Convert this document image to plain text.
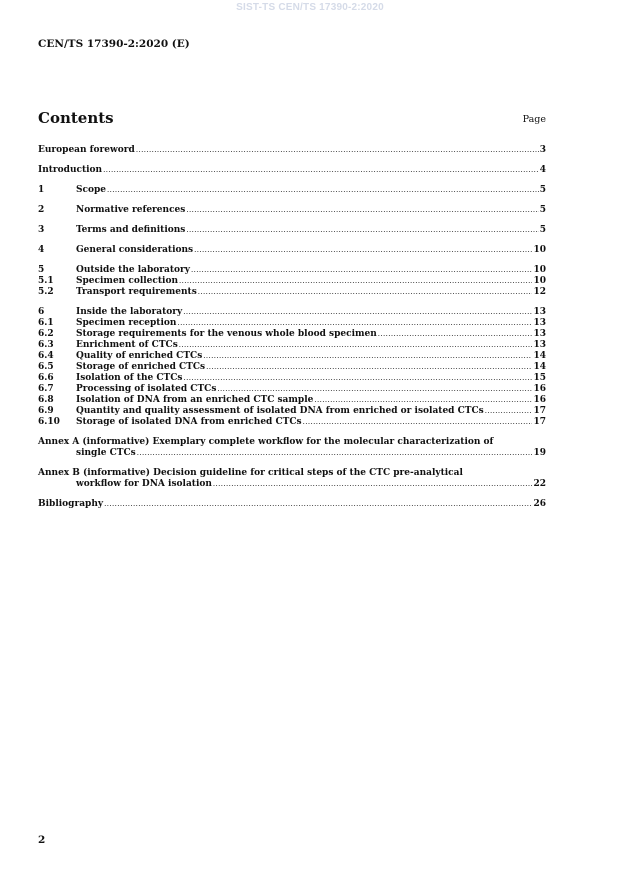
SIST-TS CEN/TS 17390-2:2020
CEN/TS 17390-2:2020 (E)
Contents	Page
European foreword .....	3
Introduction .....	4
1	Scope .....	5
2	Normative references .....	5
3	Terms and definitions .....	5
4	General considerations .....	10
5	Outside the laboratory .....	10
5.1	Specimen collection .....	10
5.2	Transport requirements .....	12
6	Inside the laboratory .....	13
6.1	Specimen reception .....	13
6.2	Storage requirements for the venous whole blood specimen .....	13
6.3	Enrichment of CTCs .....	13
6.4	Quality of enriched CTCs .....	14
6.5	Storage of enriched CTCs .....	14
6.6	Isolation of the CTCs .....	15
6.7	Processing of isolated CTCs .....	16
6.8	Isolation of DNA from an enriched CTC sample .....	16
6.9	Quantity and quality assessment of isolated DNA from enriched or isolated CTCs .....	17
6.10	Storage of isolated DNA from enriched CTCs .....	17
Annex A (informative) Exemplary complete workflow for the molecular characterization of
single CTCs .....	19
Annex B (informative) Decision guideline for critical steps of the CTC pre-analytical
workflow for DNA isolation .....	22
Bibliography .....	26
2
